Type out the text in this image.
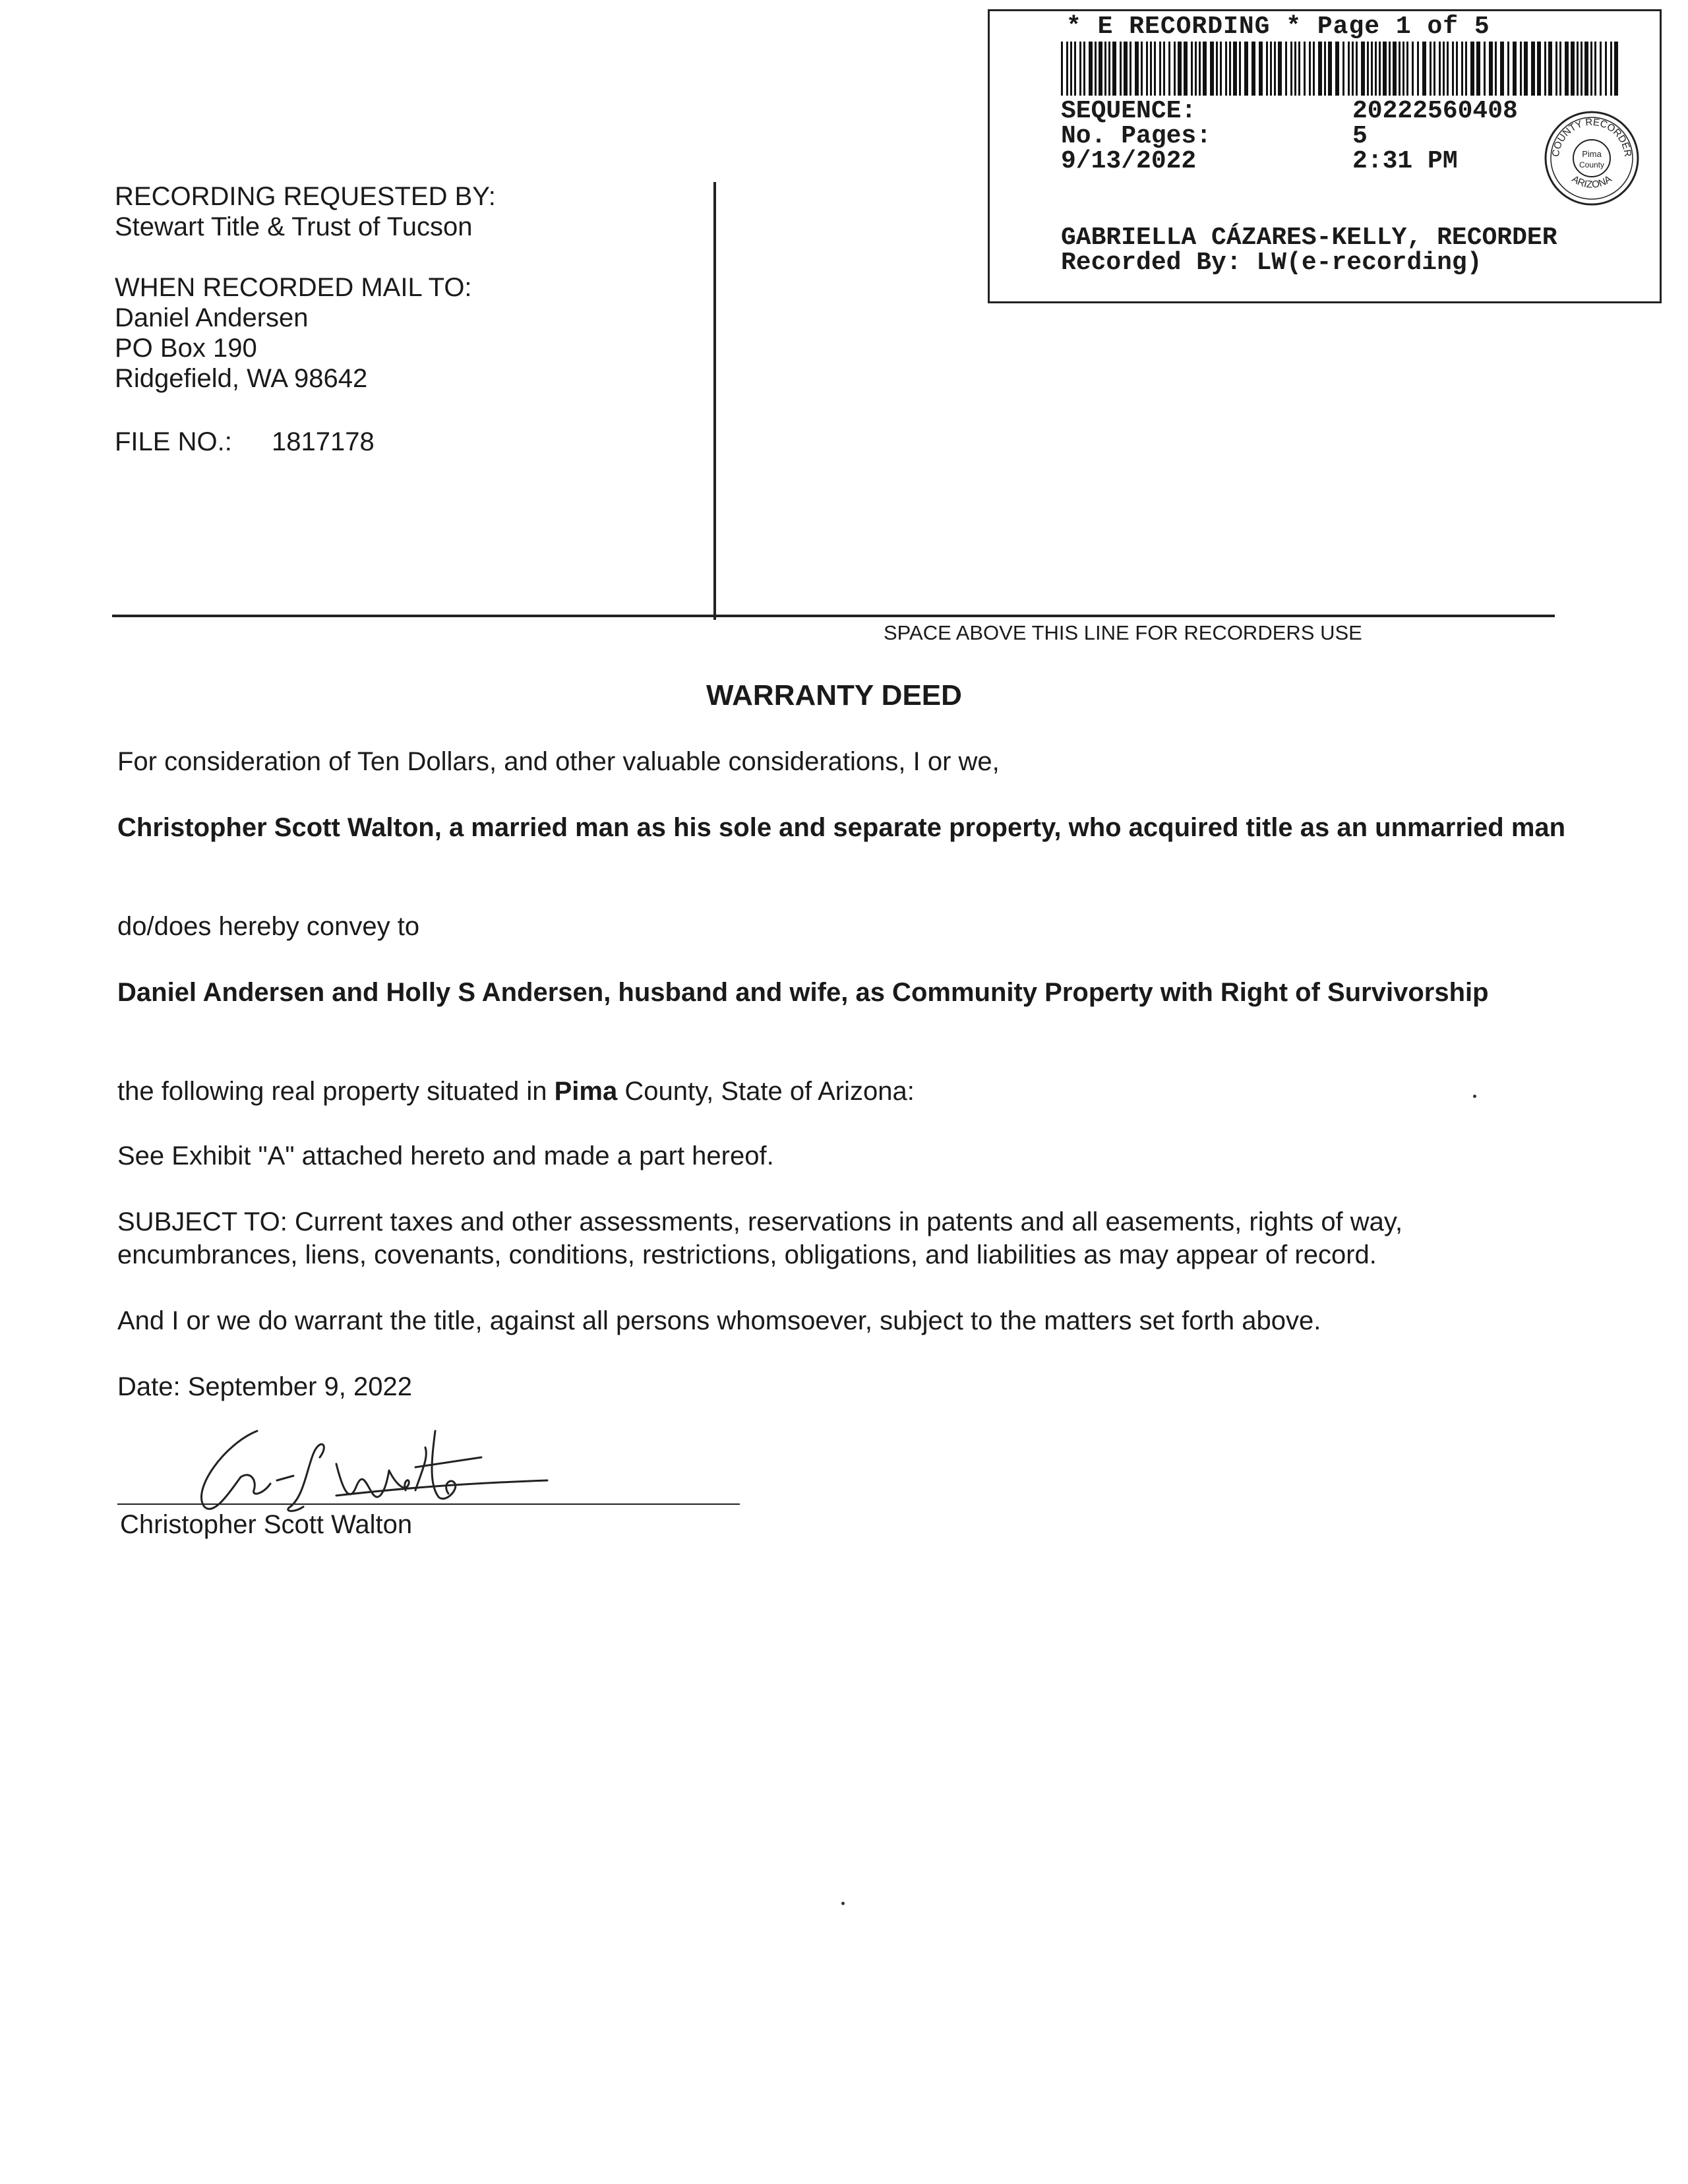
* E RECORDING * Page 1 of 5
SEQUENCE:	20222560408
No. Pages:	5
9/13/2022	2:31 PM
GABRIELLA CÁZARES-KELLY, RECORDER
Recorded By: LW(e-recording)
COUNTY RECORDER
ARIZONA
Pima
County
RECORDING REQUESTED BY:
Stewart Title & Trust of Tucson
WHEN RECORDED MAIL TO:
Daniel Andersen
PO Box 190
Ridgefield, WA 98642
FILE NO.: 1817178
SPACE ABOVE THIS LINE FOR RECORDERS USE
WARRANTY DEED
For consideration of Ten Dollars, and other valuable considerations, I or we,
Christopher Scott Walton, a married man as his sole and separate property, who acquired title as an unmarried man
do/does hereby convey to
Daniel Andersen and Holly S Andersen, husband and wife, as Community Property with Right of Survivorship
the following real property situated in Pima County, State of Arizona:
See Exhibit "A" attached hereto and made a part hereof.
SUBJECT TO: Current taxes and other assessments, reservations in patents and all easements, rights of way, encumbrances, liens, covenants, conditions, restrictions, obligations, and liabilities as may appear of record.
And I or we do warrant the title, against all persons whomsoever, subject to the matters set forth above.
Date: September 9, 2022
Christopher Scott Walton
